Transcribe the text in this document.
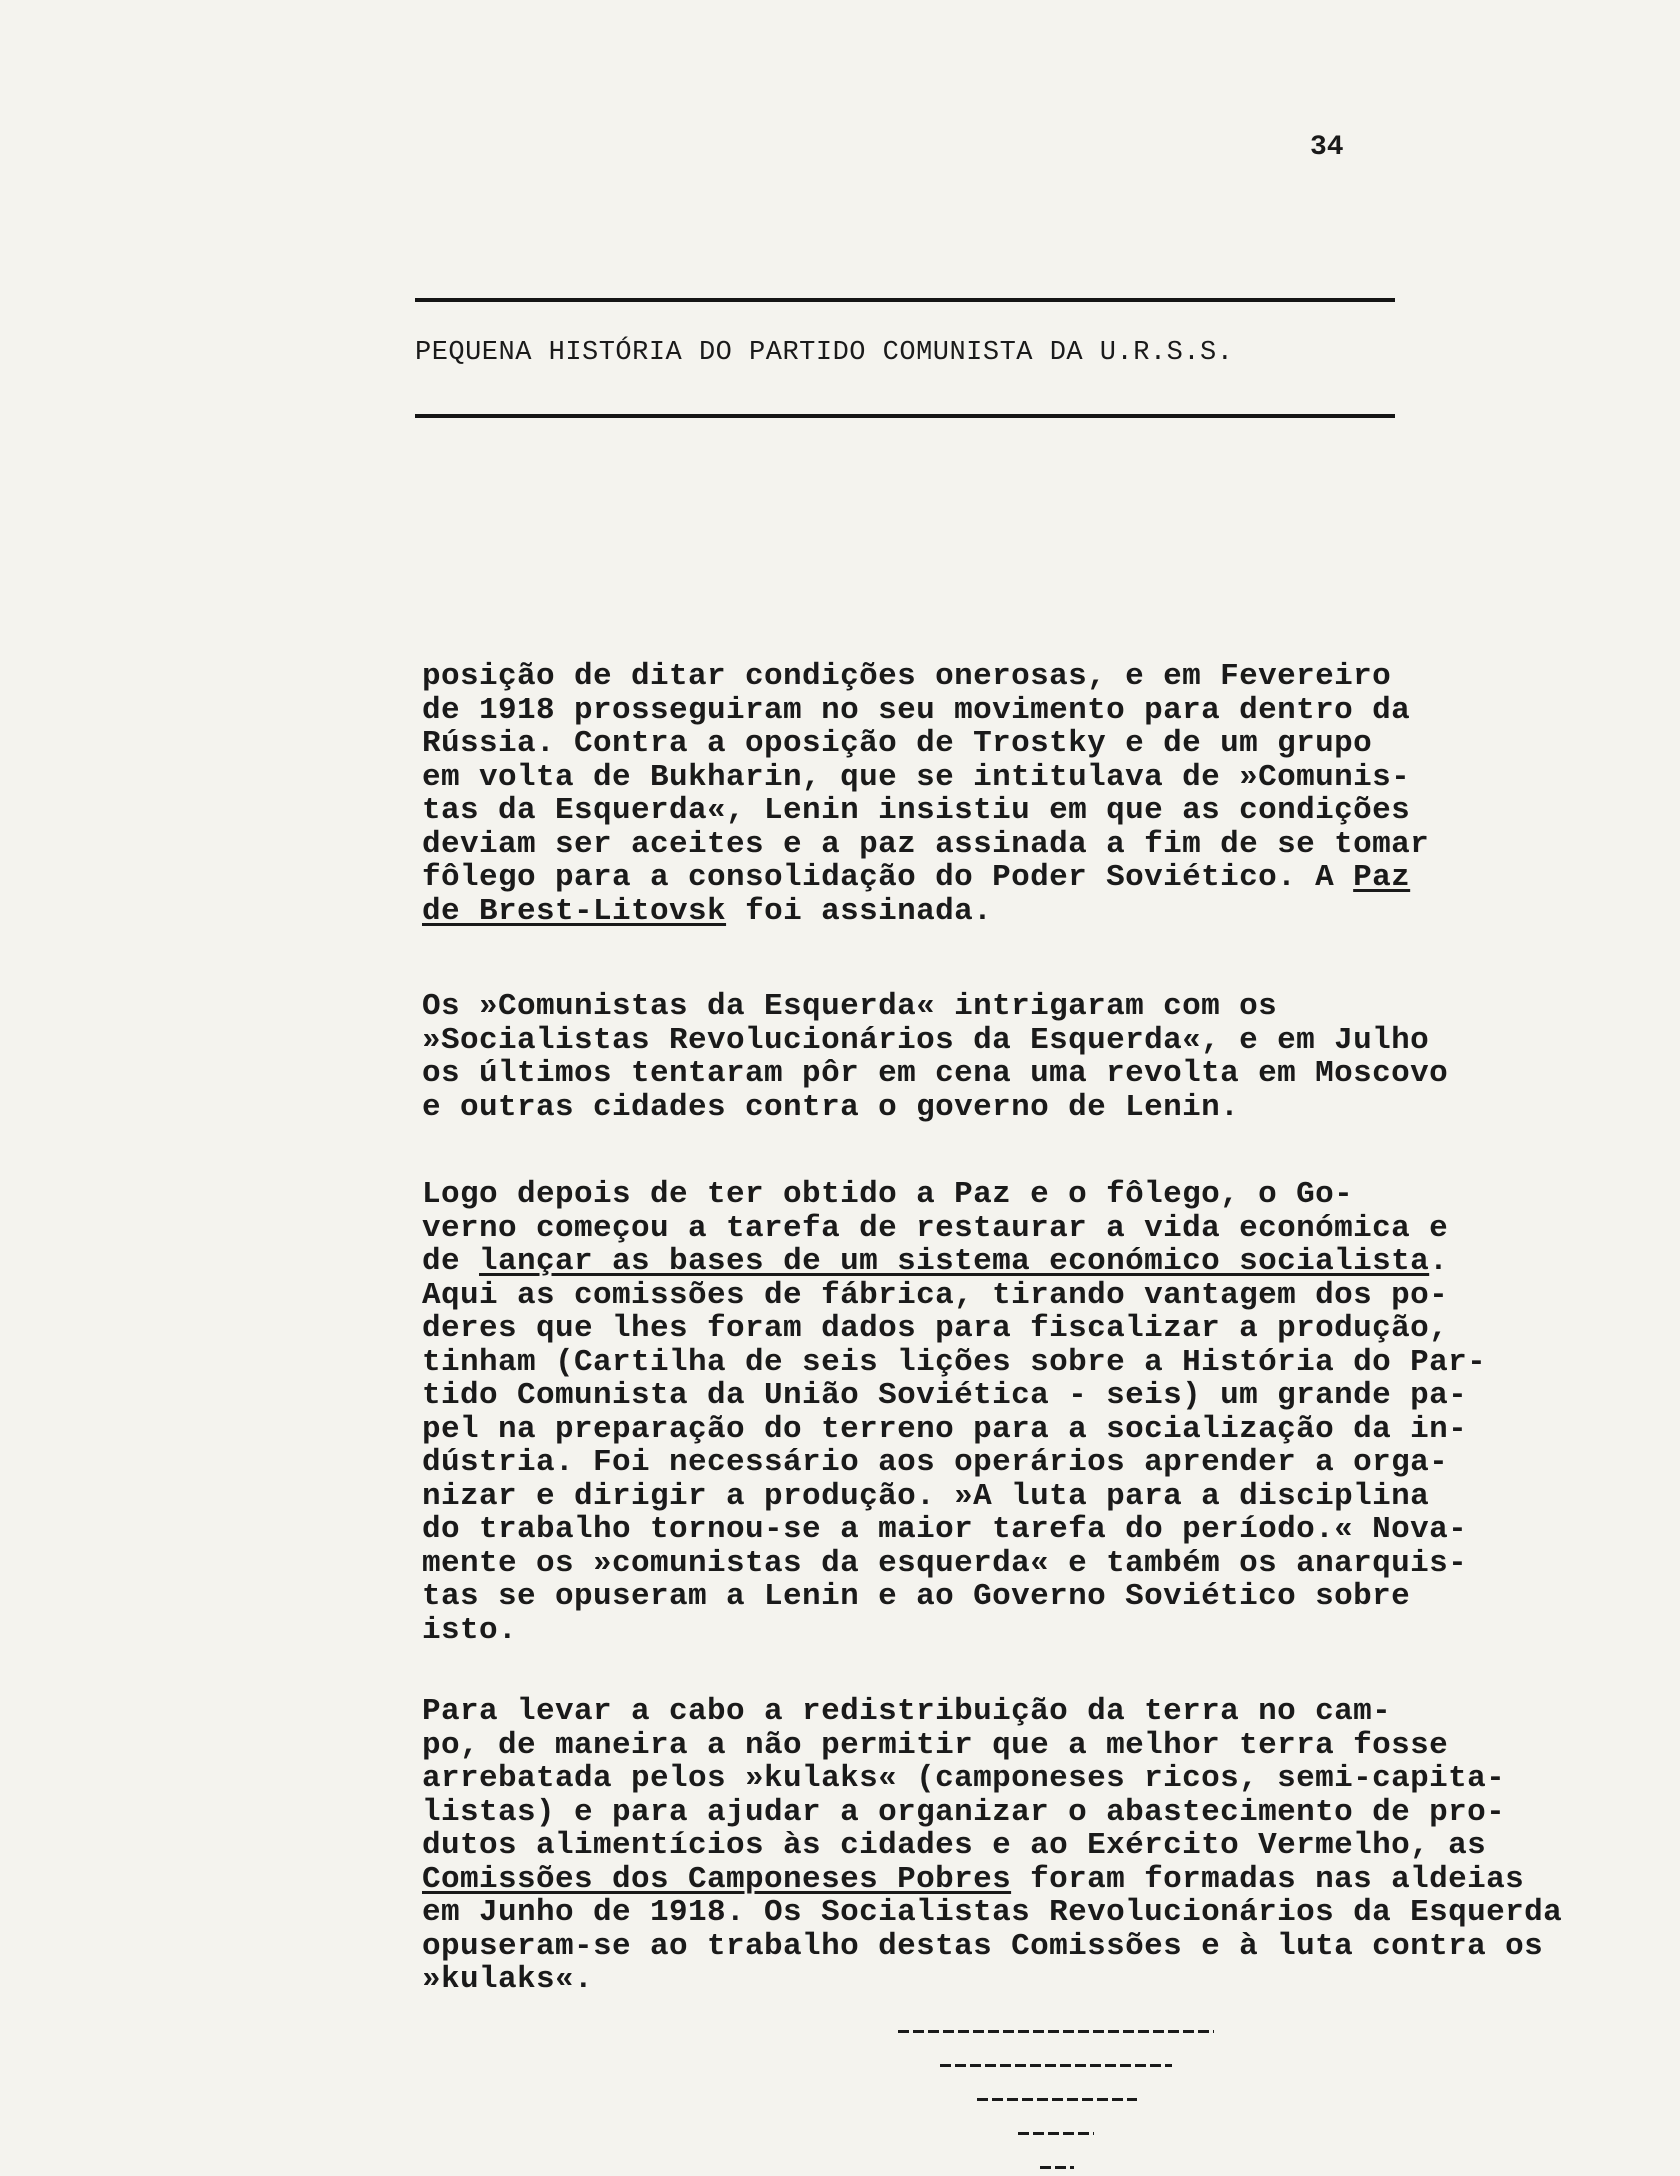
34
PEQUENA HISTÓRIA DO PARTIDO COMUNISTA DA U.R.S.S.
posição de ditar condições onerosas, e em Fevereiro
de 1918 prosseguiram no seu movimento para dentro da
Rússia. Contra a oposição de Trostky e de um grupo
em volta de Bukharin, que se intitulava de »Comunis-
tas da Esquerda«, Lenin insistiu em que as condições
deviam ser aceites e a paz assinada a fim de se tomar
fôlego para a consolidação do Poder Soviético. A Paz
de Brest-Litovsk foi assinada.
Os »Comunistas da Esquerda« intrigaram com os
»Socialistas Revolucionários da Esquerda«, e em Julho
os últimos tentaram pôr em cena uma revolta em Moscovo
e outras cidades contra o governo de Lenin.
Logo depois de ter obtido a Paz e o fôlego, o Go-
verno começou a tarefa de restaurar a vida económica e
de lançar as bases de um sistema económico socialista.
Aqui as comissões de fábrica, tirando vantagem dos po-
deres que lhes foram dados para fiscalizar a produção,
tinham (Cartilha de seis lições sobre a História do Par-
tido Comunista da União Soviética - seis) um grande pa-
pel na preparação do terreno para a socialização da in-
dústria. Foi necessário aos operários aprender a orga-
nizar e dirigir a produção. »A luta para a disciplina
do trabalho tornou-se a maior tarefa do período.« Nova-
mente os »comunistas da esquerda« e também os anarquis-
tas se opuseram a Lenin e ao Governo Soviético sobre
isto.
Para levar a cabo a redistribuição da terra no cam-
po, de maneira a não permitir que a melhor terra fosse
arrebatada pelos »kulaks« (camponeses ricos, semi-capita-
listas) e para ajudar a organizar o abastecimento de pro-
dutos alimentícios às cidades e ao Exército Vermelho, as
Comissões dos Camponeses Pobres foram formadas nas aldeias
em Junho de 1918. Os Socialistas Revolucionários da Esquerda
opuseram-se ao trabalho destas Comissões e à luta contra os
»kulaks«.
